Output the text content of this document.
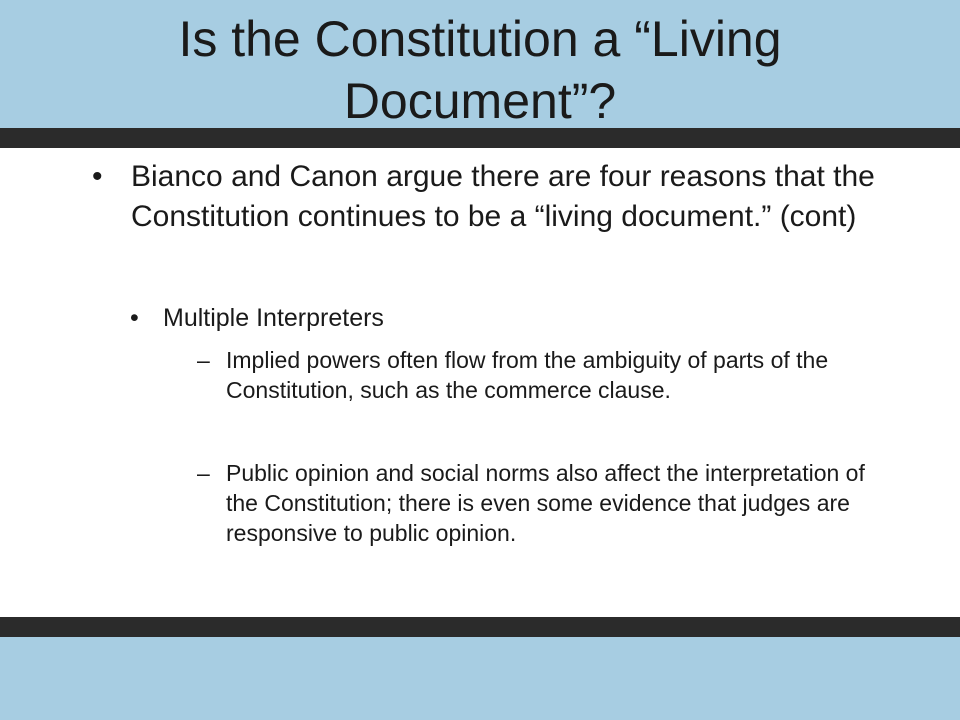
Is the Constitution a “Living Document”?
• Bianco and Canon argue there are four reasons that the Constitution continues to be a “living document.” (cont)
• Multiple Interpreters
– Implied powers often flow from the ambiguity of parts of the Constitution, such as the commerce clause.
– Public opinion and social norms also affect the interpretation of the Constitution; there is even some evidence that judges are responsive to public opinion.
